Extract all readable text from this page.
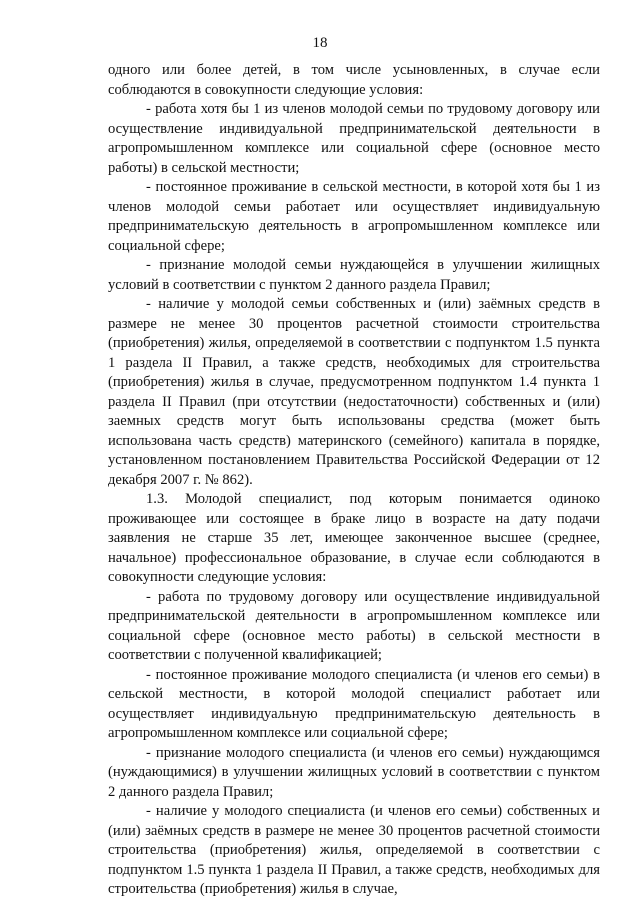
18

одного или более детей, в том числе усыновленных, в случае если соблюдаются в совокупности следующие условия:

- работа хотя бы 1 из членов молодой семьи по трудовому договору или осуществление индивидуальной предпринимательской деятельности в агропромышленном комплексе или социальной сфере (основное место работы) в сельской местности;

- постоянное проживание в сельской местности, в которой хотя бы 1 из членов молодой семьи работает или осуществляет индивидуальную предпринимательскую деятельность в агропромышленном комплексе или социальной сфере;

- признание молодой семьи нуждающейся в улучшении жилищных условий в соответствии с пунктом 2 данного раздела Правил;

- наличие у молодой семьи собственных и (или) заёмных средств в размере не менее 30 процентов расчетной стоимости строительства (приобретения) жилья, определяемой в соответствии с подпунктом 1.5 пункта 1 раздела II Правил, а также средств, необходимых для строительства (приобретения) жилья в случае, предусмотренном подпунктом 1.4 пункта 1 раздела II Правил (при отсутствии (недостаточности) собственных и (или) заемных средств могут быть использованы средства (может быть использована часть средств) материнского (семейного) капитала в порядке, установленном постановлением Правительства Российской Федерации от 12 декабря 2007 г. № 862).

1.3. Молодой специалист, под которым понимается одиноко проживающее или состоящее в браке лицо в возрасте на дату подачи заявления не старше 35 лет, имеющее законченное высшее (среднее, начальное) профессиональное образование, в случае если соблюдаются в совокупности следующие условия:

- работа по трудовому договору или осуществление индивидуальной предпринимательской деятельности в агропромышленном комплексе или социальной сфере (основное место работы) в сельской местности в соответствии с полученной квалификацией;

- постоянное проживание молодого специалиста (и членов его семьи) в сельской местности, в которой молодой специалист работает или осуществляет индивидуальную предпринимательскую деятельность в агропромышленном комплексе или социальной сфере;

- признание молодого специалиста (и членов его семьи) нуждающимся (нуждающимися) в улучшении жилищных условий в соответствии с пунктом 2 данного раздела Правил;

- наличие у молодого специалиста (и членов его семьи) собственных и (или) заёмных средств в размере не менее 30 процентов расчетной стоимости строительства (приобретения) жилья, определяемой в соответствии с подпунктом 1.5 пункта 1 раздела II Правил, а также средств, необходимых для строительства (приобретения) жилья в случае,
